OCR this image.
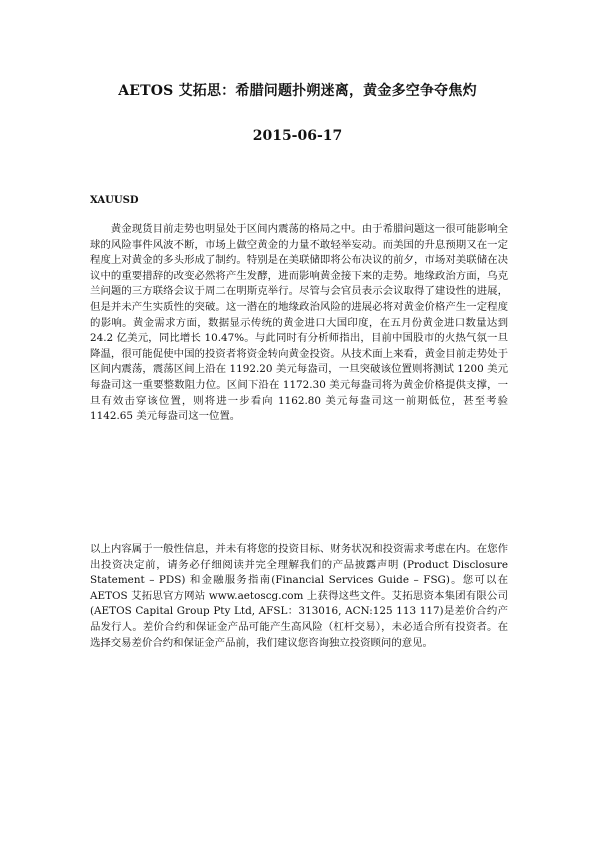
AETOS 艾拓思：希腊问题扑朔迷离，黄金多空争夺焦灼
2015-06-17
XAUUSD
黄金现货目前走势也明显处于区间内震荡的格局之中。由于希腊问题这一很可能影响全球的风险事件风波不断，市场上做空黄金的力量不敢轻举妄动。而美国的升息预期又在一定程度上对黄金的多头形成了制约。特别是在美联储即将公布决议的前夕，市场对美联储在决议中的重要措辞的改变必然将产生发酵，进而影响黄金接下来的走势。地缘政治方面，乌克兰问题的三方联络会议于周二在明斯克举行。尽管与会官员表示会议取得了建设性的进展，但是并未产生实质性的突破。这一潜在的地缘政治风险的进展必将对黄金价格产生一定程度的影响。黄金需求方面，数据显示传统的黄金进口大国印度，在五月份黄金进口数量达到 24.2 亿美元，同比增长 10.47%。与此同时有分析师指出，目前中国股市的火热气氛一旦降温，很可能促使中国的投资者将资金转向黄金投资。从技术面上来看，黄金目前走势处于区间内震荡，震荡区间上沿在 1192.20 美元每盎司，一旦突破该位置则将测试 1200 美元每盎司这一重要整数阻力位。区间下沿在 1172.30 美元每盎司将为黄金价格提供支撑，一旦有效击穿该位置，则将进一步看向 1162.80 美元每盎司这一前期低位，甚至考验 1142.65 美元每盎司这一位置。
以上内容属于一般性信息，并未有将您的投资目标、财务状况和投资需求考虑在内。在您作出投资决定前，请务必仔细阅读并完全理解我们的产品披露声明 (Product Disclosure Statement – PDS) 和金融服务指南(Financial Services Guide – FSG)。您可以在 AETOS 艾拓思官方网站 www.aetoscg.com 上获得这些文件。艾拓思资本集团有限公司(AETOS Capital Group Pty Ltd, AFSL：313016, ACN:125 113 117)是差价合约产品发行人。差价合约和保证金产品可能产生高风险（杠杆交易），未必适合所有投资者。在选择交易差价合约和保证金产品前，我们建议您咨询独立投资顾问的意见。
